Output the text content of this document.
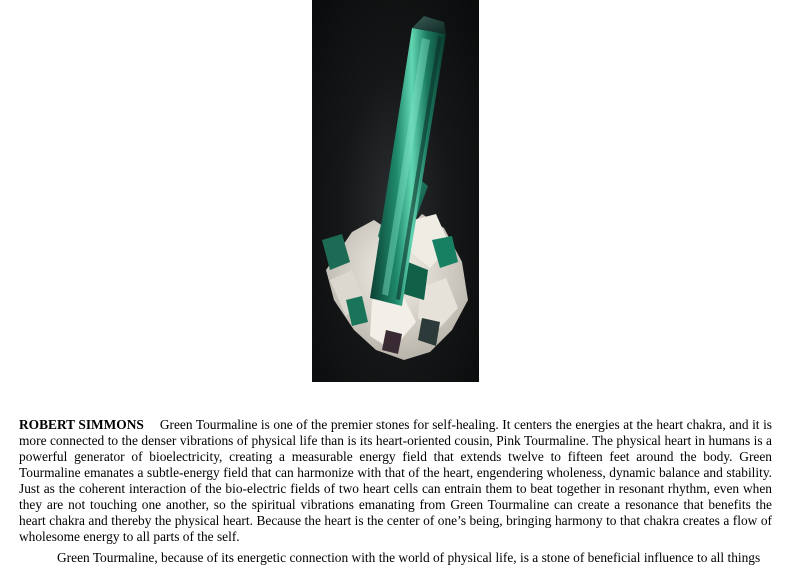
ROBERT SIMMONS Green Tourmaline is one of the premier stones for self-healing. It centers the energies at the heart chakra, and it is more connected to the denser vibrations of physical life than is its heart-oriented cousin, Pink Tourmaline. The physical heart in humans is a powerful generator of bioelectricity, creating a measurable energy field that extends twelve to fifteen feet around the body. Green Tourmaline emanates a subtle-energy field that can harmonize with that of the heart, engendering wholeness, dynamic balance and stability. Just as the coherent interaction of the bio-electric fields of two heart cells can entrain them to beat together in resonant rhythm, even when they are not touching one another, so the spiritual vibrations emanating from Green Tourmaline can create a resonance that benefits the heart chakra and thereby the physical heart. Because the heart is the center of one’s being, bringing harmony to that chakra creates a flow of wholesome energy to all parts of the self.

Green Tourmaline, because of its energetic connection with the world of physical life, is a stone of beneficial influence to all things
